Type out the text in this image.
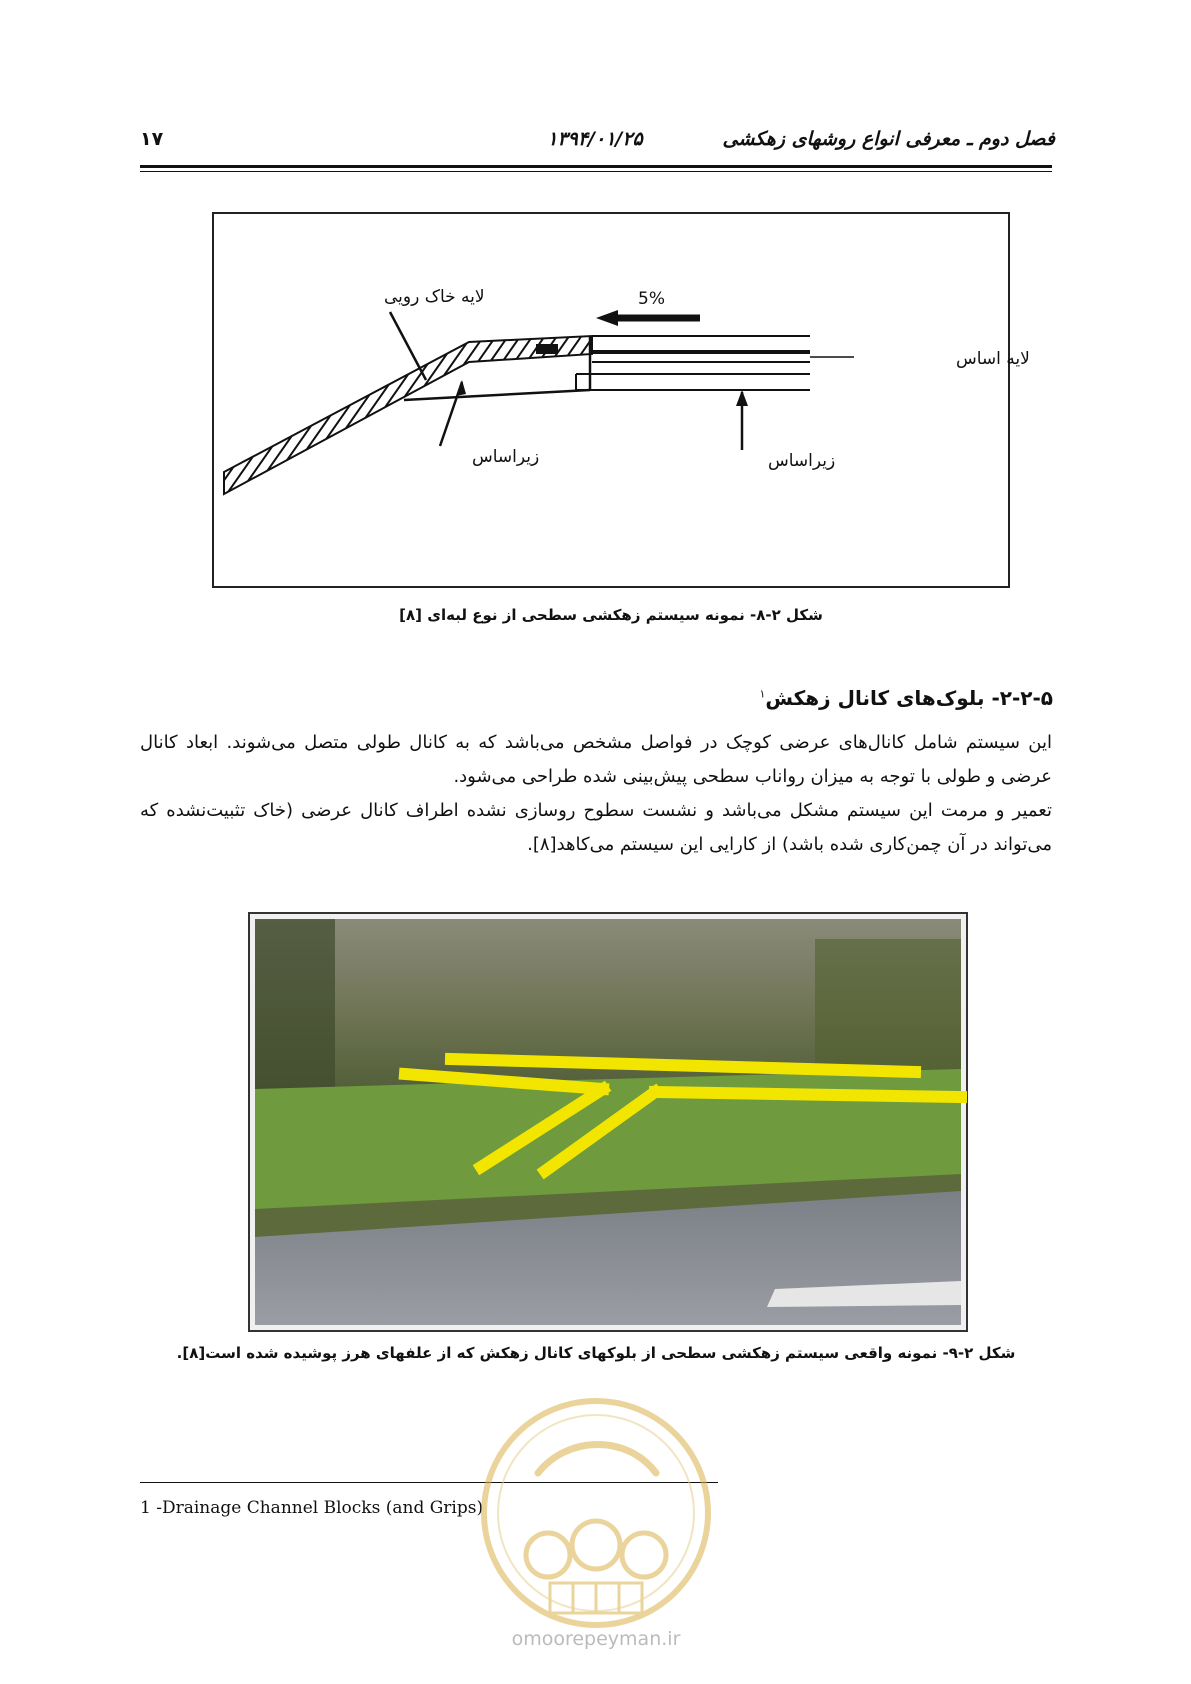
فصل دوم ـ معرفی انواع روشهای زهکشی
۱۳۹۴/۰۱/۲۵
۱۷
5%
لایه خاک رویی
لایه اساس
زیراساس	زیراساس
شکل ۲-۸- نمونه سیستم زهکشی سطحی از نوع لبه‌ای [۸]
۲-۲-۵- بلوک‌های کانال زهکش$^۱$
این سیستم شامل کانال‌های عرضی کوچک در فواصل مشخص می‌باشد که به کانال طولی متصل می‌شوند. ابعاد کانال عرضی و طولی با توجه به میزان رواناب سطحی پیش‌بینی شده طراحی می‌شود.
تعمیر و مرمت این سیستم مشکل می‌باشد و نشست سطوح روسازی نشده اطراف کانال عرضی (خاک تثبیت‌نشده که می‌تواند در آن چمن‌کاری شده باشد) از کارایی این سیستم می‌کاهد[۸].
شکل ۲-۹- نمونه واقعی سیستم زهکشی سطحی از بلوکهای کانال زهکش که از علفهای هرز پوشیده شده است[۸].
1 -Drainage Channel Blocks (and Grips)
omoorepeyman.ir
